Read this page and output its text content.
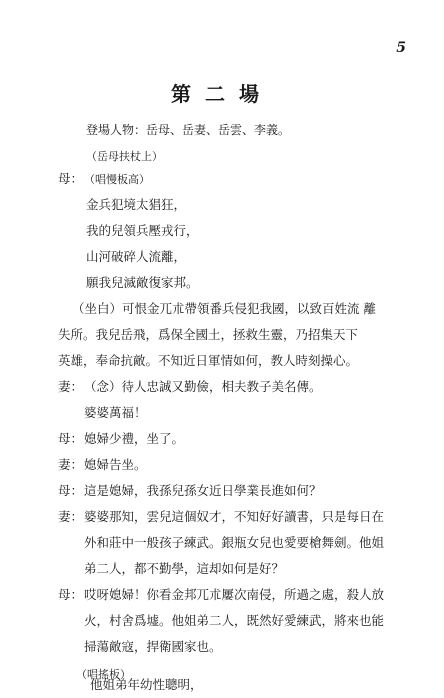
5
第二場
登場人物：岳母、岳妻、岳雲、李義。
（岳母扶杖上）
母：（唱慢板高）
金兵犯境太猖狂，
我的兒領兵壓戎行，
山河破碎人流離，
願我兒滅敵復家邦。
（坐白）可恨金兀朮帶領番兵侵犯我國，以致百姓流 離
失所。我兒岳飛，爲保全國土，拯救生靈，乃招集天下
英雄，奉命抗敵。不知近日軍情如何，教人時刻操心。
妻：（念）待人忠誠又勤儉，相夫教子美名傳。
婆婆萬福！
母：媳婦少禮，坐了。
妻：媳婦告坐。
母：這是媳婦，我孫兒孫女近日學業長進如何？
妻：婆婆那知，雲兒這個奴才，不知好好讀書，只是每日在
外和莊中一般孩子練武。銀瓶女兒也愛要槍舞劍。他姐
弟二人，都不勤學，這却如何是好？
母：哎呀媳婦！你看金邦兀朮屢次南侵，所過之處，殺人放
火，村舍爲墟。他姐弟二人，既然好愛練武，將來也能
掃蕩敵寇，捍衛國家也。
（唱搖板）
他姐弟年幼性聰明，
